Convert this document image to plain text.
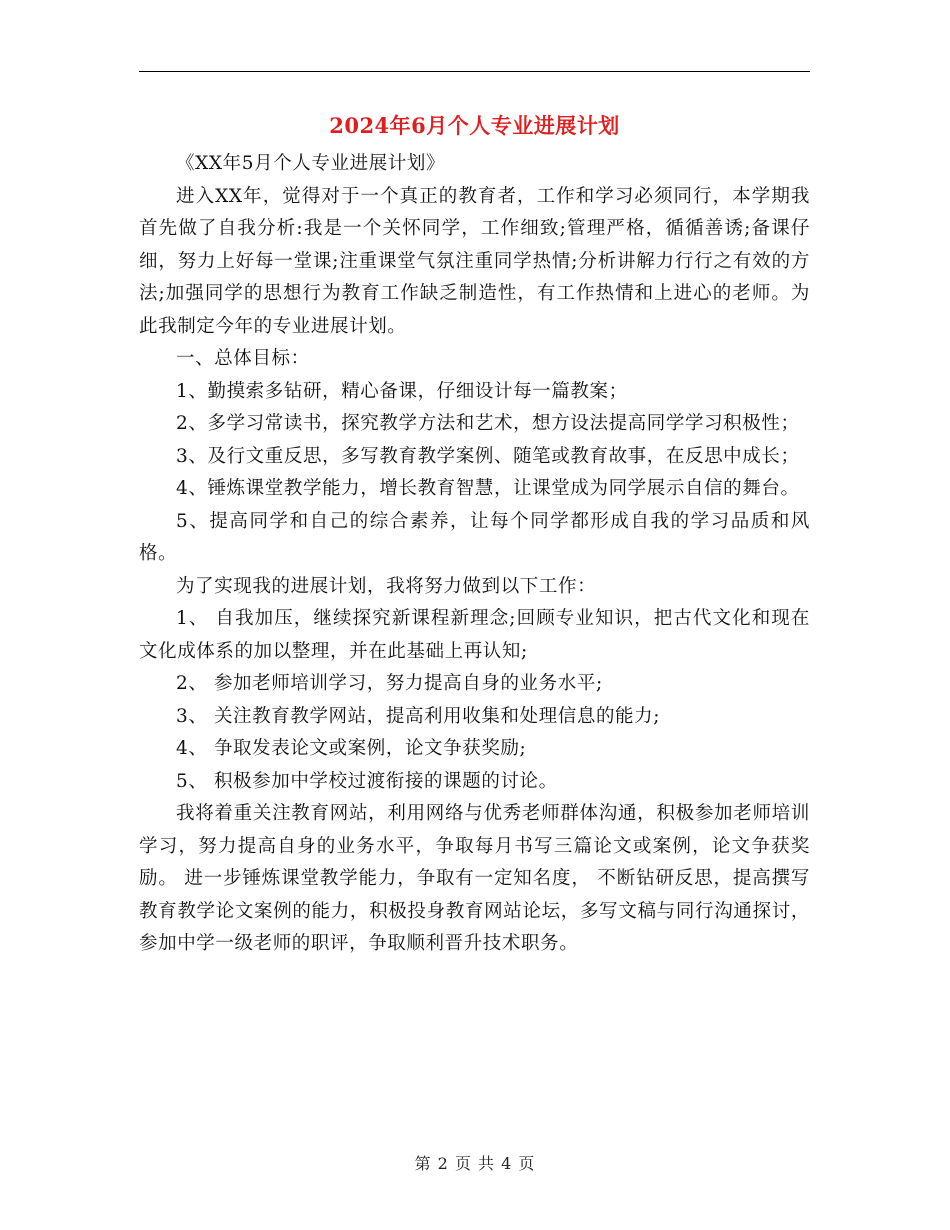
2024年6月个人专业进展计划

《XX年5月个人专业进展计划》

进入XX年，觉得对于一个真正的教育者，工作和学习必须同行，本学期我首先做了自我分析:我是一个关怀同学，工作细致;管理严格，循循善诱;备课仔细，努力上好每一堂课;注重课堂气氛注重同学热情;分析讲解力行行之有效的方法;加强同学的思想行为教育工作缺乏制造性，有工作热情和上进心的老师。为此我制定今年的专业进展计划。

一、总体目标：

1、勤摸索多钻研，精心备课，仔细设计每一篇教案；

2、多学习常读书，探究教学方法和艺术，想方设法提高同学学习积极性；

3、及行文重反思，多写教育教学案例、随笔或教育故事，在反思中成长；

4、锤炼课堂教学能力，增长教育智慧，让课堂成为同学展示自信的舞台。

5、提高同学和自己的综合素养，让每个同学都形成自我的学习品质和风格。

为了实现我的进展计划，我将努力做到以下工作：

1、 自我加压，继续探究新课程新理念;回顾专业知识，把古代文化和现在文化成体系的加以整理，并在此基础上再认知;

2、 参加老师培训学习，努力提高自身的业务水平;

3、 关注教育教学网站，提高利用收集和处理信息的能力;

4、 争取发表论文或案例，论文争获奖励;

5、 积极参加中学校过渡衔接的课题的讨论。

我将着重关注教育网站，利用网络与优秀老师群体沟通，积极参加老师培训学习，努力提高自身的业务水平，争取每月书写三篇论文或案例，论文争获奖励。 进一步锤炼课堂教学能力，争取有一定知名度， 不断钻研反思，提高撰写教育教学论文案例的能力，积极投身教育网站论坛，多写文稿与同行沟通探讨， 参加中学一级老师的职评，争取顺利晋升技术职务。

第 2 页 共 4 页
